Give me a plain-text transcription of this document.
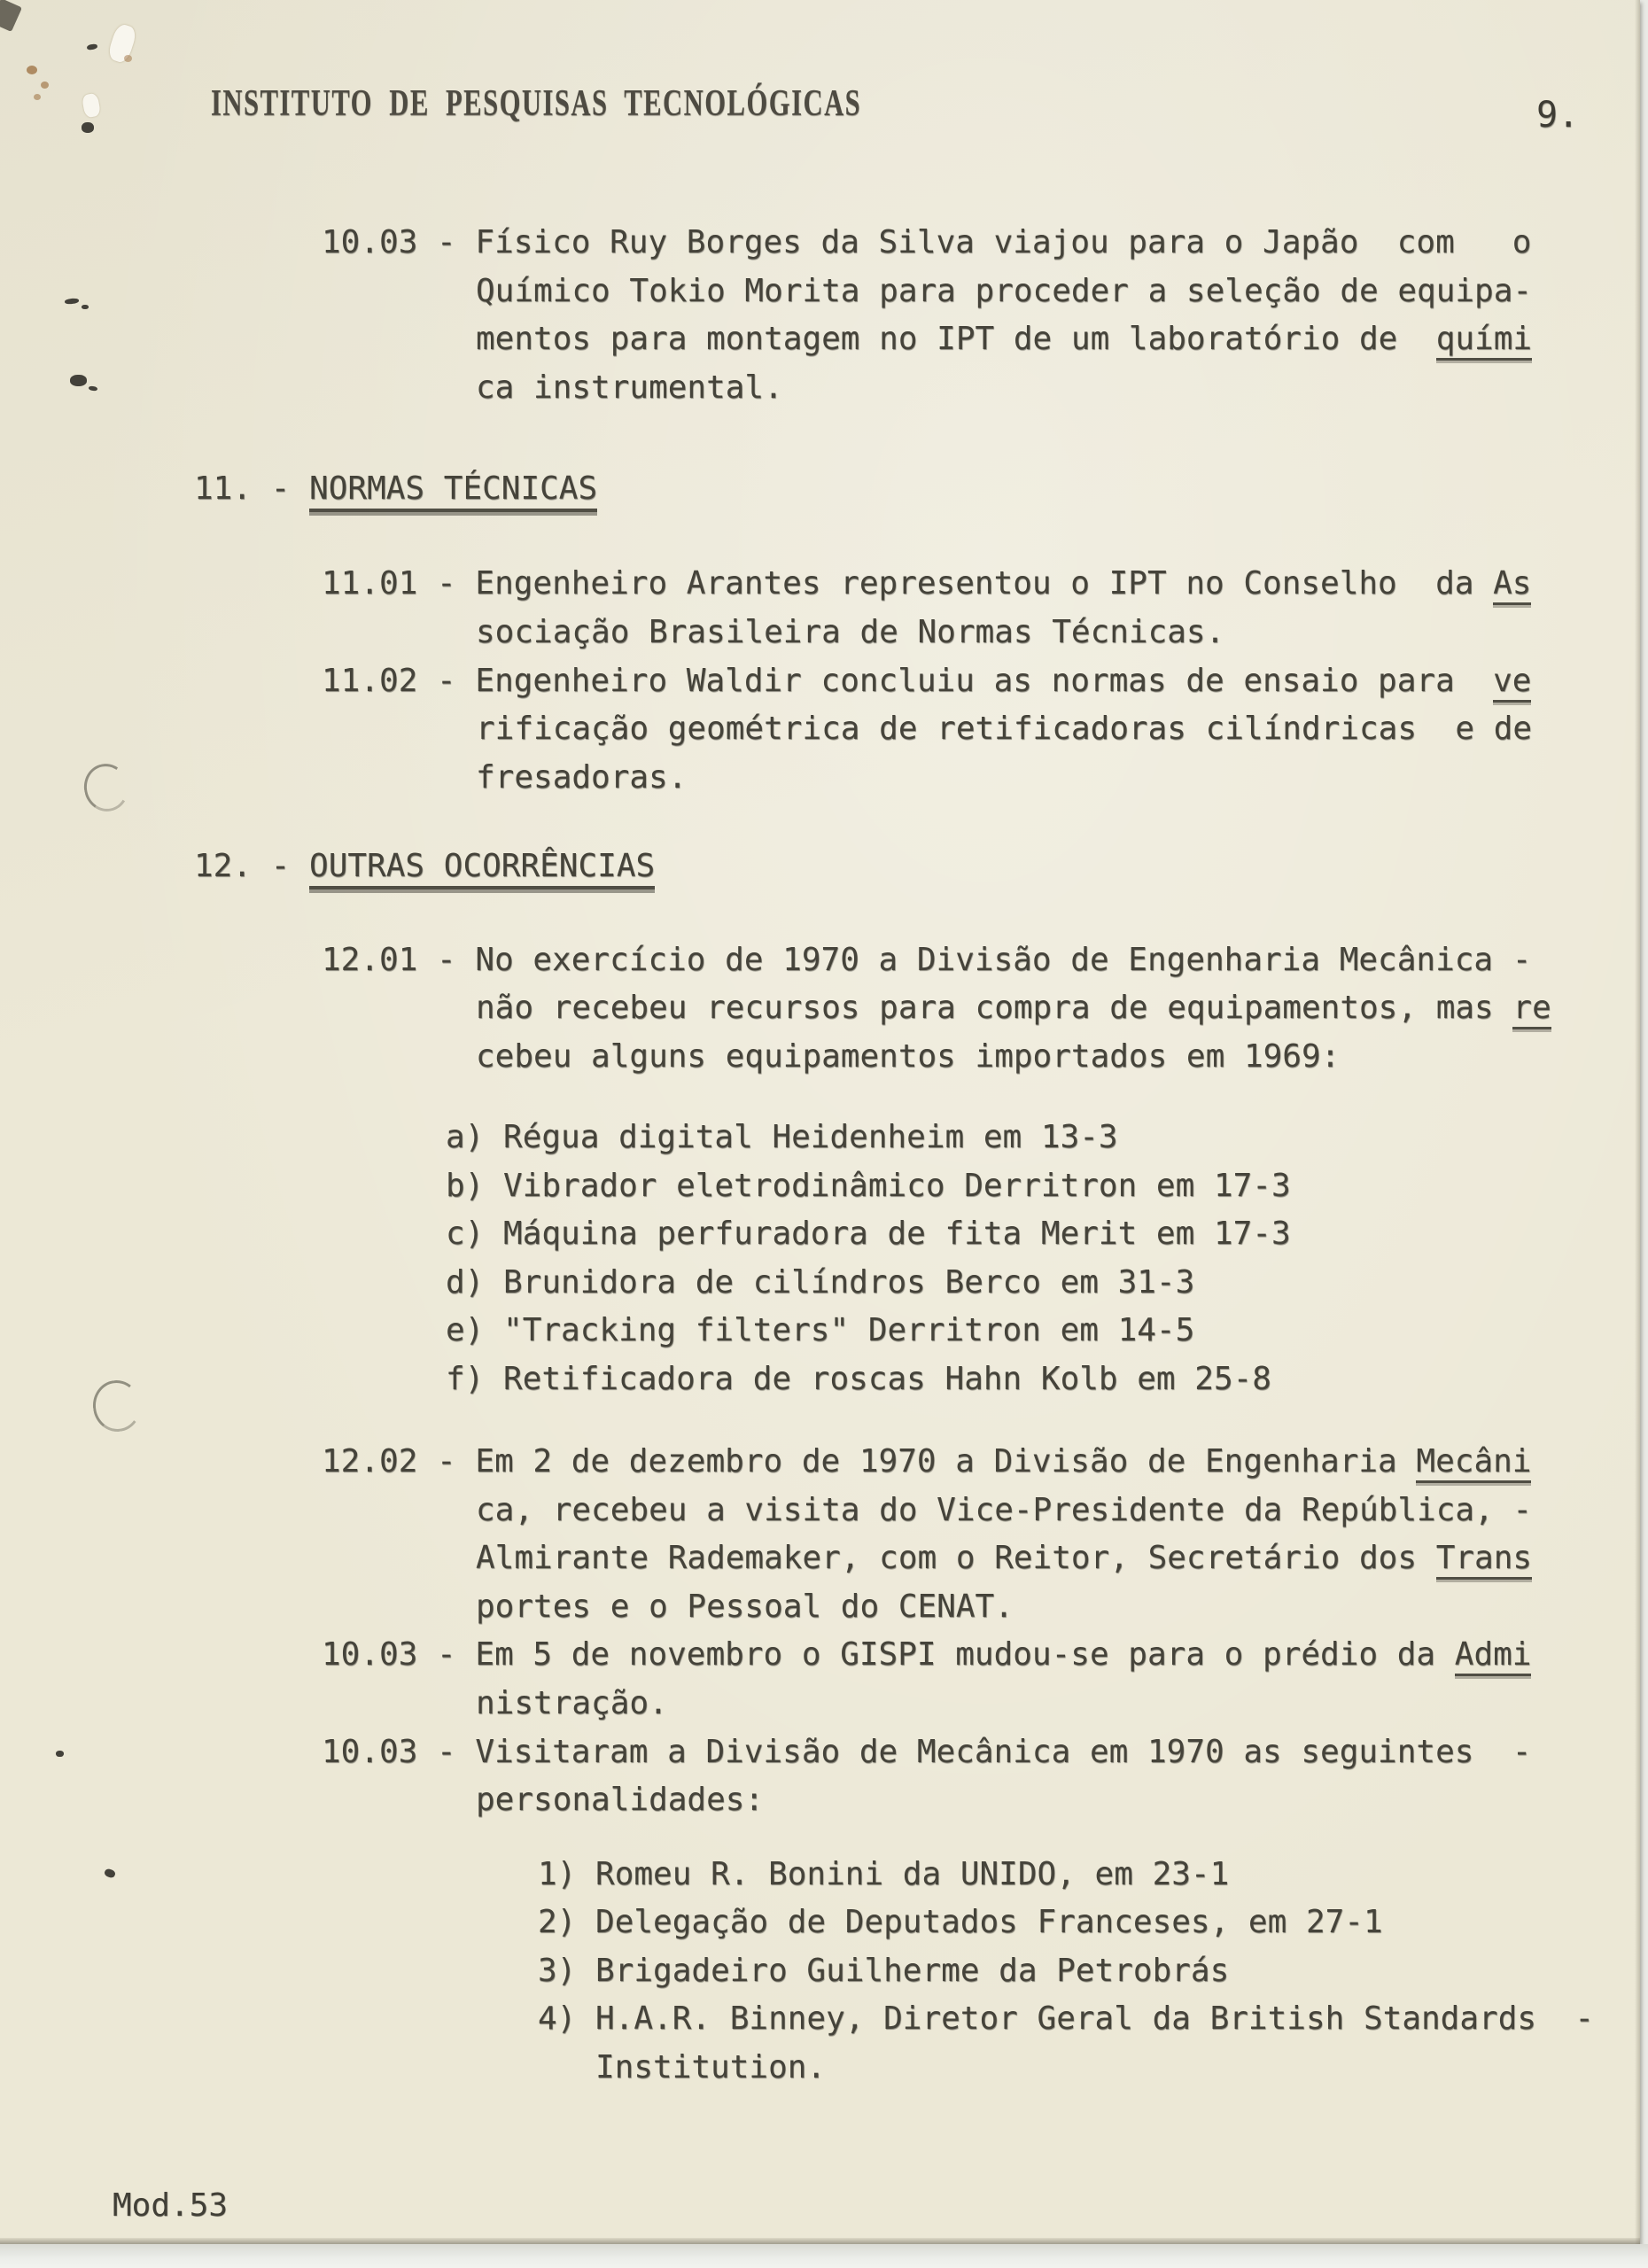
INSTITUTO  DE  PESQUISAS  TECNOLÓGICAS	9.
10.03 - Físico Ruy Borges da Silva viajou para o Japão  com   o
Químico Tokio Morita para proceder a seleção de equipa-
mentos para montagem no IPT de um laboratório de  quími
ca instrumental.
11. - NORMAS TÉCNICAS
11.01 - Engenheiro Arantes representou o IPT no Conselho  da As
sociação Brasileira de Normas Técnicas.
11.02 - Engenheiro Waldir concluiu as normas de ensaio para  ve
rificação geométrica de retificadoras cilíndricas  e de
fresadoras.
12. - OUTRAS OCORRÊNCIAS
12.01 - No exercício de 1970 a Divisão de Engenharia Mecânica -
não recebeu recursos para compra de equipamentos, mas re
cebeu alguns equipamentos importados em 1969:
a) Régua digital Heidenheim em 13-3
b) Vibrador eletrodinâmico Derritron em 17-3
c) Máquina perfuradora de fita Merit em 17-3
d) Brunidora de cilíndros Berco em 31-3
e) "Tracking filters" Derritron em 14-5
f) Retificadora de roscas Hahn Kolb em 25-8
12.02 - Em 2 de dezembro de 1970 a Divisão de Engenharia Mecâni
ca, recebeu a visita do Vice-Presidente da República, -
Almirante Rademaker, com o Reitor, Secretário dos Trans
portes e o Pessoal do CENAT.
10.03 - Em 5 de novembro o GISPI mudou-se para o prédio da Admi
nistração.
10.03 - Visitaram a Divisão de Mecânica em 1970 as seguintes  -
personalidades:
1) Romeu R. Bonini da UNIDO, em 23-1
2) Delegação de Deputados Franceses, em 27-1
3) Brigadeiro Guilherme da Petrobrás
4) H.A.R. Binney, Diretor Geral da British Standards  -
Institution.
Mod.53
